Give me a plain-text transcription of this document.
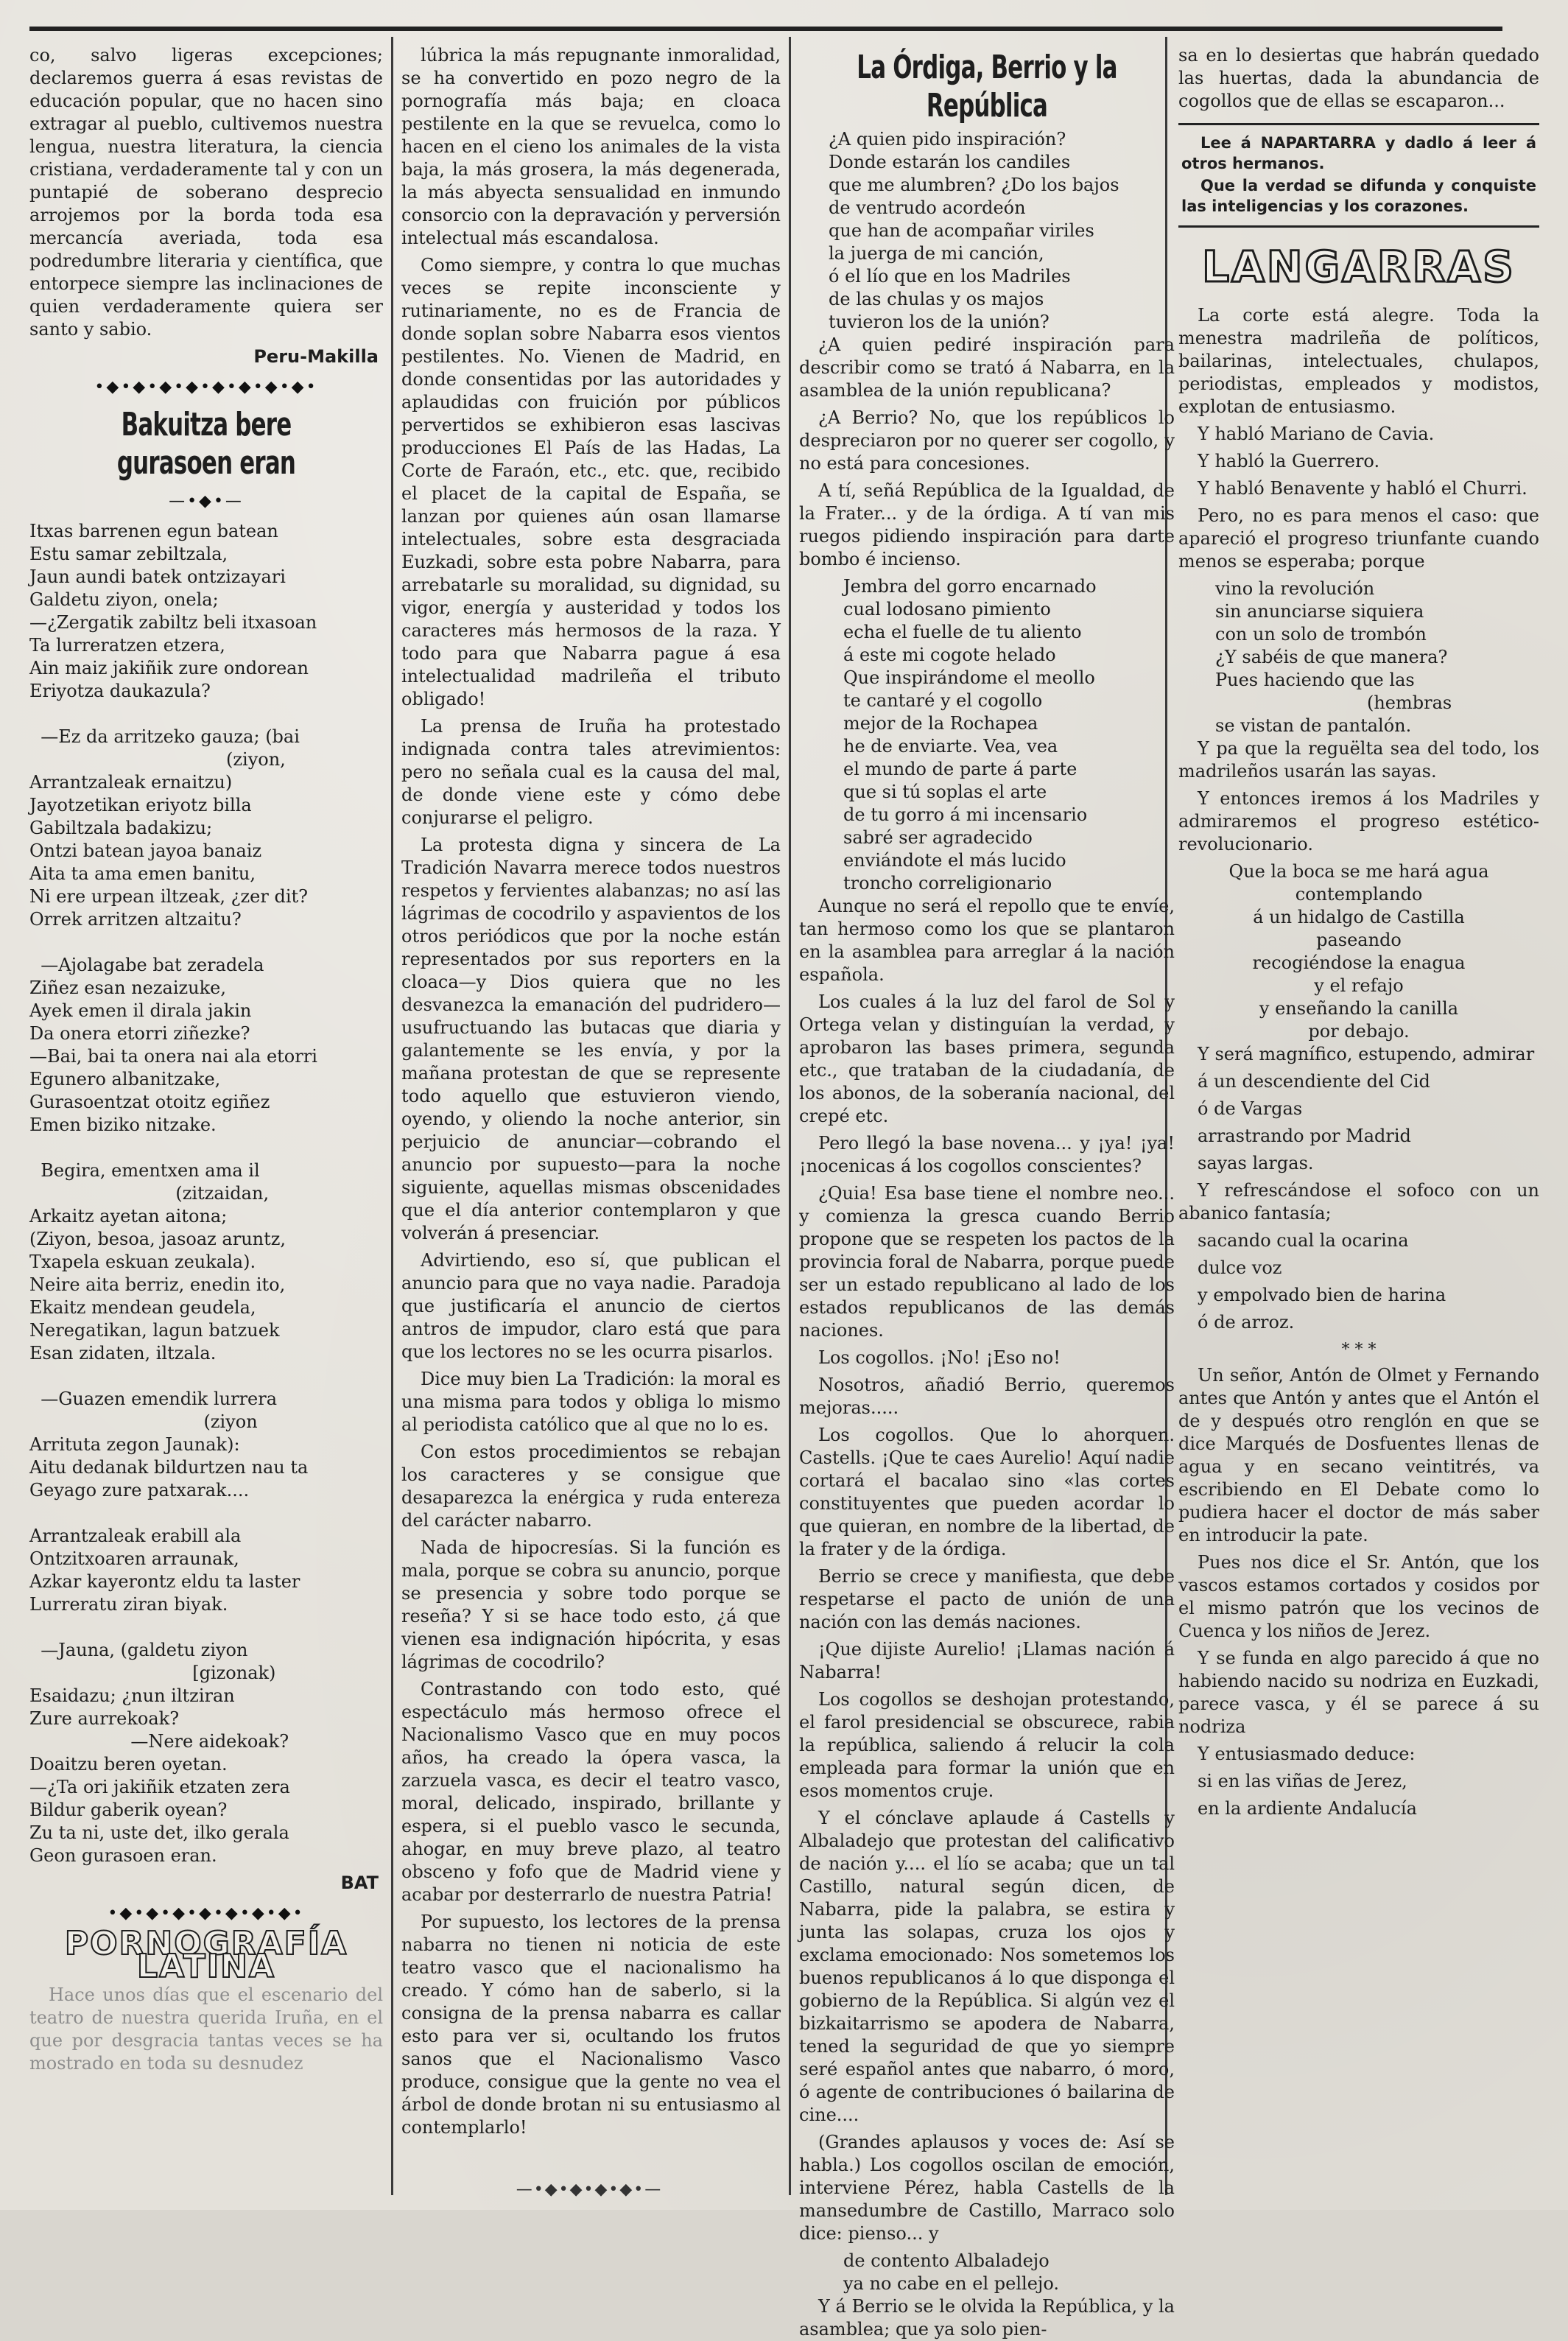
co, salvo ligeras excepciones; declaremos guerra á esas revistas de educación popular, que no hacen sino extragar al pueblo, cultivemos nuestra lengua, nuestra literatura, la ciencia cristiana, verdaderamente tal y con un puntapié de soberano desprecio arrojemos por la borda toda esa mercancía averiada, toda esa podredumbre literaria y científica, que entorpece siempre las inclinaciones de quien verdaderamente quiera ser santo y sabio.

Peru-Makilla
•◆•◆•◆•◆•◆•◆•◆•◆•
Bakuitza bere gurasoen eran
—•◆•—
Itxas barrenen egun batean
Estu samar zebiltzala,
Jaun aundi batek ontzizayari
Galdetu ziyon, onela;
—¿Zergatik zabiltz beli itxasoan
Ta lurreratzen etzera,
Ain maiz jakiñik zure ondorean
Eriyotza daukazula?

—Ez da arritzeko gauza; (bai
(ziyon,
Arrantzaleak ernaitzu)
Jayotzetikan eriyotz billa
Gabiltzala badakizu;
Ontzi batean jayoa banaiz
Aita ta ama emen banitu,
Ni ere urpean iltzeak, ¿zer dit?
Orrek arritzen altzaitu?

—Ajolagabe bat zeradela
Ziñez esan nezaizuke,
Ayek emen il dirala jakin
Da onera etorri ziñezke?
—Bai, bai ta onera nai ala etorri
Egunero albanitzake,
Gurasoentzat otoitz egiñez
Emen biziko nitzake.

Begira, ementxen ama il
(zitzaidan,
Arkaitz ayetan aitona;
(Ziyon, besoa, jasoaz aruntz,
Txapela eskuan zeukala).
Neire aita berriz, enedin ito,
Ekaitz mendean geudela,
Neregatikan, lagun batzuek
Esan zidaten, iltzala.

—Guazen emendik lurrera
(ziyon
Arrituta zegon Jaunak):
Aitu dedanak bildurtzen nau ta
Geyago zure patxarak....

Arrantzaleak erabill ala
Ontzitxoaren arraunak,
Azkar kayerontz eldu ta laster
Lurreratu ziran biyak.

—Jauna, (galdetu ziyon
[gizonak)
Esaidazu; ¿nun iltziran
Zure aurrekoak?
—Nere aidekoak?
Doaitzu beren oyetan.
—¿Ta ori jakiñik etzaten zera
Bildur gaberik oyean?
Zu ta ni, uste det, ilko gerala
Geon gurasoen eran.
BAT
•◆•◆•◆•◆•◆•◆•◆•
PORNOGRAFÍA LATINA

Hace unos días que el escenario del teatro de nuestra querida Iruña, en el que por desgracia tantas veces se ha mostrado en toda su desnudez

lúbrica la más repugnante inmoralidad, se ha convertido en pozo negro de la pornografía más baja; en cloaca pestilente en la que se revuelca, como lo hacen en el cieno los animales de la vista baja, la más grosera, la más degenerada, la más abyecta sensualidad en inmundo consorcio con la depravación y perversión intelectual más escandalosa.

Como siempre, y contra lo que muchas veces se repite inconsciente y rutinariamente, no es de Francia de donde soplan sobre Nabarra esos vientos pestilentes. No. Vienen de Madrid, en donde consentidas por las autoridades y aplaudidas con fruición por públicos pervertidos se exhibieron esas lascivas producciones El País de las Hadas, La Corte de Faraón, etc., etc. que, recibido el placet de la capital de España, se lanzan por quienes aún osan llamarse intelectuales, sobre esta desgraciada Euzkadi, sobre esta pobre Nabarra, para arrebatarle su moralidad, su dignidad, su vigor, energía y austeridad y todos los caracteres más hermosos de la raza. Y todo para que Nabarra pague á esa intelectualidad madrileña el tributo obligado!

La prensa de Iruña ha protestado indignada contra tales atrevimientos: pero no señala cual es la causa del mal, de donde viene este y cómo debe conjurarse el peligro.

La protesta digna y sincera de La Tradición Navarra merece todos nuestros respetos y fervientes alabanzas; no así las lágrimas de cocodrilo y aspavientos de los otros periódicos que por la noche están representados por sus reporters en la cloaca—y Dios quiera que no les desvanezca la emanación del pudridero—usufructuando las butacas que diaria y galantemente se les envía, y por la mañana protestan de que se represente todo aquello que estuvieron viendo, oyendo, y oliendo la noche anterior, sin perjuicio de anunciar—cobrando el anuncio por supuesto—para la noche siguiente, aquellas mismas obscenidades que el día anterior contemplaron y que volverán á presenciar.

Advirtiendo, eso sí, que publican el anuncio para que no vaya nadie. Paradoja que justificaría el anuncio de ciertos antros de impudor, claro está que para que los lectores no se les ocurra pisarlos.

Dice muy bien La Tradición: la moral es una misma para todos y obliga lo mismo al periodista católico que al que no lo es.

Con estos procedimientos se rebajan los caracteres y se consigue que desaparezca la enérgica y ruda entereza del carácter nabarro.

Nada de hipocresías. Si la función es mala, porque se cobra su anuncio, porque se presencia y sobre todo porque se reseña? Y si se hace todo esto, ¿á que vienen esa indignación hipócrita, y esas lágrimas de cocodrilo?

Contrastando con todo esto, qué espectáculo más hermoso ofrece el Nacionalismo Vasco que en muy pocos años, ha creado la ópera vasca, la zarzuela vasca, es decir el teatro vasco, moral, delicado, inspirado, brillante y espera, si el pueblo vasco le secunda, ahogar, en muy breve plazo, al teatro obsceno y fofo que de Madrid viene y acabar por desterrarlo de nuestra Patria!

Por supuesto, los lectores de la prensa nabarra no tienen ni noticia de este teatro vasco que el nacionalismo ha creado. Y cómo han de saberlo, si la consigna de la prensa nabarra es callar esto para ver si, ocultando los frutos sanos que el Nacionalismo Vasco produce, consigue que la gente no vea el árbol de donde brotan ni su entusiasmo al contemplarlo!

—•◆•◆•◆•◆•—
La Órdiga, Berrio y la República
¿A quien pido inspiración?
Donde estarán los candiles
que me alumbren? ¿Do los bajos
de ventrudo acordeón
que han de acompañar viriles
la juerga de mi canción,
ó el lío que en los Madriles
de las chulas y os majos
tuvieron los de la unión?

¿A quien pediré inspiración para describir como se trató á Nabarra, en la asamblea de la unión republicana?

¿A Berrio? No, que los repúblicos lo despreciaron por no querer ser cogollo, y no está para concesiones.

A tí, señá República de la Igualdad, de la Frater... y de la órdiga. A tí van mis ruegos pidiendo inspiración para darte bombo é incienso.

Jembra del gorro encarnado
cual lodosano pimiento
echa el fuelle de tu aliento
á este mi cogote helado
Que inspirándome el meollo
te cantaré y el cogollo
mejor de la Rochapea
he de enviarte. Vea, vea
el mundo de parte á parte
que si tú soplas el arte
de tu gorro á mi incensario
sabré ser agradecido
enviándote el más lucido
troncho correligionario

Aunque no será el repollo que te envíe, tan hermoso como los que se plantaron en la asamblea para arreglar á la nación española.

Los cuales á la luz del farol de Sol y Ortega velan y distinguían la verdad, y aprobaron las bases primera, segunda etc., que trataban de la ciudadanía, de los abonos, de la soberanía nacional, del crepé etc.

Pero llegó la base novena... y ¡ya! ¡ya! ¡nocenicas á los cogollos conscientes?

¿Quia! Esa base tiene el nombre neo... y comienza la gresca cuando Berrio propone que se respeten los pactos de la provincia foral de Nabarra, porque puede ser un estado republicano al lado de los estados republicanos de las demás naciones.

Los cogollos. ¡No! ¡Eso no!

Nosotros, añadió Berrio, queremos mejoras.....

Los cogollos. Que lo ahorquen. Castells. ¡Que te caes Aurelio! Aquí nadie cortará el bacalao sino «las cortes constituyentes que pueden acordar lo que quieran, en nombre de la libertad, de la frater y de la órdiga.

Berrio se crece y manifiesta, que debe respetarse el pacto de unión de una nación con las demás naciones.

¡Que dijiste Aurelio! ¡Llamas nación á Nabarra!

Los cogollos se deshojan protestando, el farol presidencial se obscurece, rabia la república, saliendo á relucir la cola empleada para formar la unión que en esos momentos cruje.

Y el cónclave aplaude á Castells y Albaladejo que protestan del calificativo de nación y.... el lío se acaba; que un tal Castillo, natural según dicen, de Nabarra, pide la palabra, se estira y junta las solapas, cruza los ojos y exclama emocionado: Nos sometemos los buenos republicanos á lo que disponga el gobierno de la República. Si algún vez el bizkaitarrismo se apodera de Nabarra, tened la seguridad de que yo siempre seré español antes que nabarro, ó moro, ó agente de contribuciones ó bailarina de cine....

(Grandes aplausos y voces de: Así se habla.) Los cogollos oscilan de emoción, interviene Pérez, habla Castells de la mansedumbre de Castillo, Marraco solo dice: pienso... y

de contento Albaladejo
ya no cabe en el pellejo.

Y á Berrio se le olvida la República, y la asamblea; que ya solo pien-

sa en lo desiertas que habrán quedado las huertas, dada la abundancia de cogollos que de ellas se escaparon...

Lee á NAPARTARRA y dadlo á leer á otros hermanos.

Que la verdad se difunda y conquiste las inteligencias y los corazones.

LANGARRAS

La corte está alegre. Toda la menestra madrileña de políticos, bailarinas, intelectuales, chulapos, periodistas, empleados y modistos, explotan de entusiasmo.

Y habló Mariano de Cavia.

Y habló la Guerrero.

Y habló Benavente y habló el Churri.

Pero, no es para menos el caso: que apareció el progreso triunfante cuando menos se esperaba; porque

vino la revolución
sin anunciarse siquiera
con un solo de trombón
¿Y sabéis de que manera?
Pues haciendo que las
(hembras
se vistan de pantalón.

Y pa que la reguëlta sea del todo, los madrileños usarán las sayas.

Y entonces iremos á los Madriles y admiraremos el progreso estético-revolucionario.

Que la boca se me hará agua
contemplando
á un hidalgo de Castilla
paseando
recogiéndose la enagua
y el refajo
y enseñando la canilla
por debajo.

Y será magnífico, estupendo, admirar

á un descendiente del Cid

ó de Vargas

arrastrando por Madrid

sayas largas.

Y refrescándose el sofoco con un abanico fantasía;

sacando cual la ocarina

dulce voz

y empolvado bien de harina

ó de arroz.

* * *

Un señor, Antón de Olmet y Fernando antes que Antón y antes que el Antón el de y después otro renglón en que se dice Marqués de Dosfuentes llenas de agua y en secano veintitrés, va escribiendo en El Debate como lo pudiera hacer el doctor de más saber en introducir la pate.

Pues nos dice el Sr. Antón, que los vascos estamos cortados y cosidos por el mismo patrón que los vecinos de Cuenca y los niños de Jerez.

Y se funda en algo parecido á que no habiendo nacido su nodriza en Euzkadi, parece vasca, y él se parece á su nodriza

Y entusiasmado deduce:

si en las viñas de Jerez,

en la ardiente Andalucía
